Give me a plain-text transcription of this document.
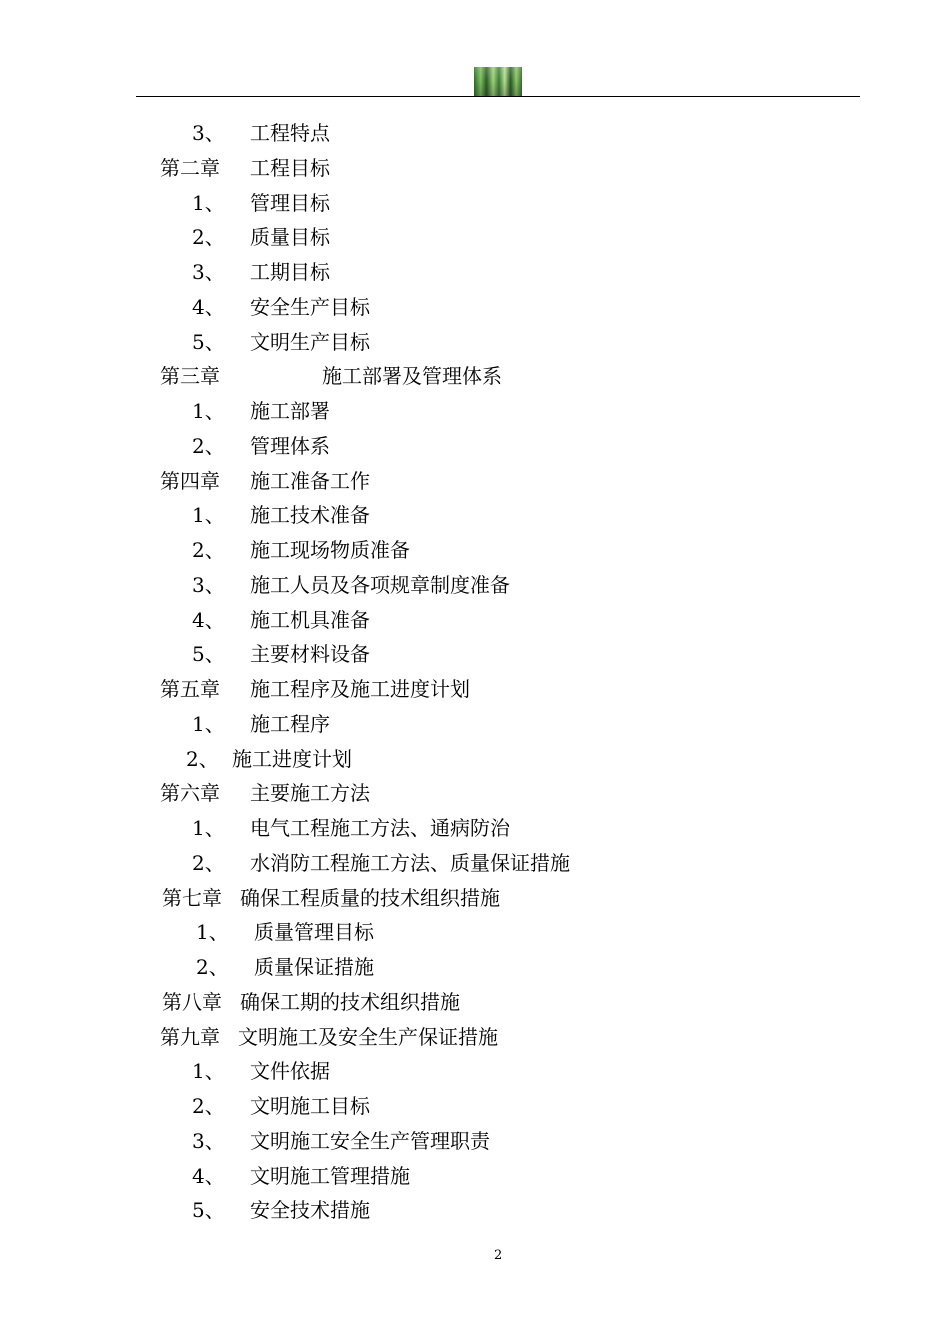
3、 工程特点
第二章 工程目标
1、 管理目标
2、 质量目标
3、 工期目标
4、 安全生产目标
5、 文明生产目标
第三章	施工部署及管理体系
1、 施工部署
2、 管理体系
第四章 施工准备工作
1、 施工技术准备
2、 施工现场物质准备
3、 施工人员及各项规章制度准备
4、 施工机具准备
5、 主要材料设备
第五章 施工程序及施工进度计划
1、 施工程序
2、 施工进度计划
第六章 主要施工方法
1、 电气工程施工方法、通病防治
2、 水消防工程施工方法、质量保证措施
第七章 确保工程质量的技术组织措施
1、 质量管理目标
2、 质量保证措施
第八章 确保工期的技术组织措施
第九章 文明施工及安全生产保证措施
1、 文件依据
2、 文明施工目标
3、 文明施工安全生产管理职责
4、 文明施工管理措施
5、 安全技术措施
2
